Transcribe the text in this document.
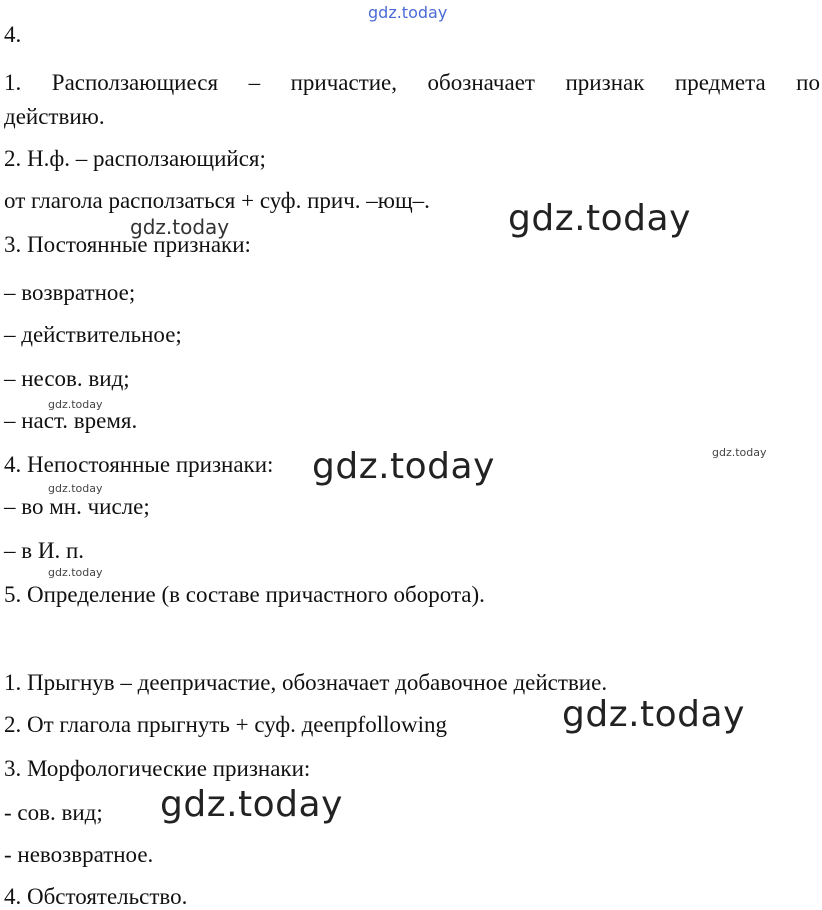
4.
1. Расползающиеся – причастие, обозначает признак предмета по
действию.
2. Н.ф. – расползающийся;
от глагола расползаться + суф. прич. –ющ–.
3. Постоянные признаки:
– возвратное;
– действительное;
– несов. вид;
– наст. время.
4. Непостоянные признаки:
– во мн. числе;
– в И. п.
5. Определение (в составе причастного оборота).
1. Прыгнув – деепричастие, обозначает добавочное действие.
2. От глагола прыгнуть + суф. деепрfollowing
3. Морфологические признаки:
- сов. вид;
- невозвратное.
4. Обстоятельство.
gdz.today
gdz.today	gdz.today
gdz.today
gdz.today
gdz.today
gdz.today
gdz.today
gdz.today
gdz.today
